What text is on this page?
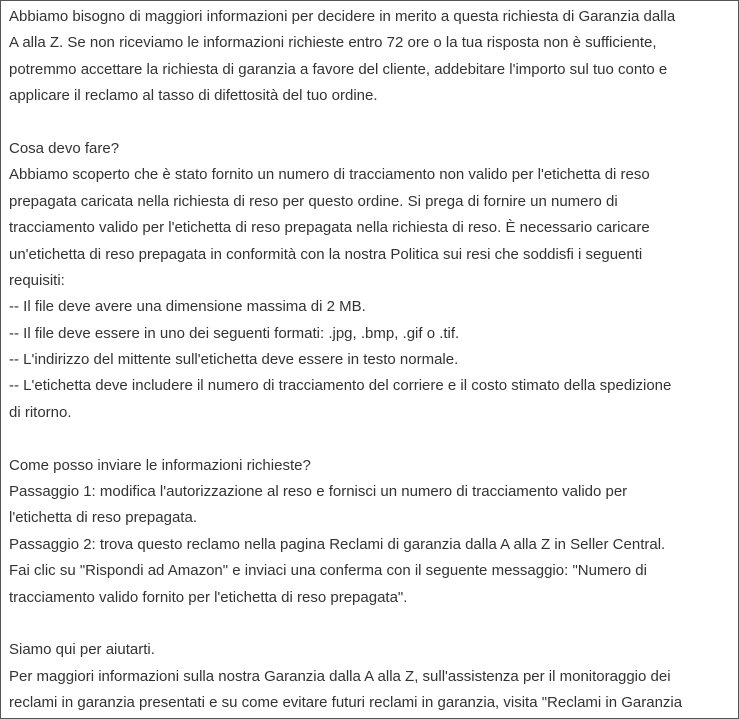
Abbiamo bisogno di maggiori informazioni per decidere in merito a questa richiesta di Garanzia dalla
A alla Z. Se non riceviamo le informazioni richieste entro 72 ore o la tua risposta non è sufficiente,
potremmo accettare la richiesta di garanzia a favore del cliente, addebitare l'importo sul tuo conto e
applicare il reclamo al tasso di difettosità del tuo ordine.
Cosa devo fare?
Abbiamo scoperto che è stato fornito un numero di tracciamento non valido per l'etichetta di reso
prepagata caricata nella richiesta di reso per questo ordine. Si prega di fornire un numero di
tracciamento valido per l'etichetta di reso prepagata nella richiesta di reso. È necessario caricare
un'etichetta di reso prepagata in conformità con la nostra Politica sui resi che soddisfi i seguenti
requisiti:
-- Il file deve avere una dimensione massima di 2 MB.
-- Il file deve essere in uno dei seguenti formati: .jpg, .bmp, .gif o .tif.
-- L'indirizzo del mittente sull'etichetta deve essere in testo normale.
-- L'etichetta deve includere il numero di tracciamento del corriere e il costo stimato della spedizione
di ritorno.
Come posso inviare le informazioni richieste?
Passaggio 1: modifica l'autorizzazione al reso e fornisci un numero di tracciamento valido per
l'etichetta di reso prepagata.
Passaggio 2: trova questo reclamo nella pagina Reclami di garanzia dalla A alla Z in Seller Central.
Fai clic su "Rispondi ad Amazon" e inviaci una conferma con il seguente messaggio: "Numero di
tracciamento valido fornito per l'etichetta di reso prepagata".
Siamo qui per aiutarti.
Per maggiori informazioni sulla nostra Garanzia dalla A alla Z, sull'assistenza per il monitoraggio dei
reclami in garanzia presentati e su come evitare futuri reclami in garanzia, visita "Reclami in Garanzia
